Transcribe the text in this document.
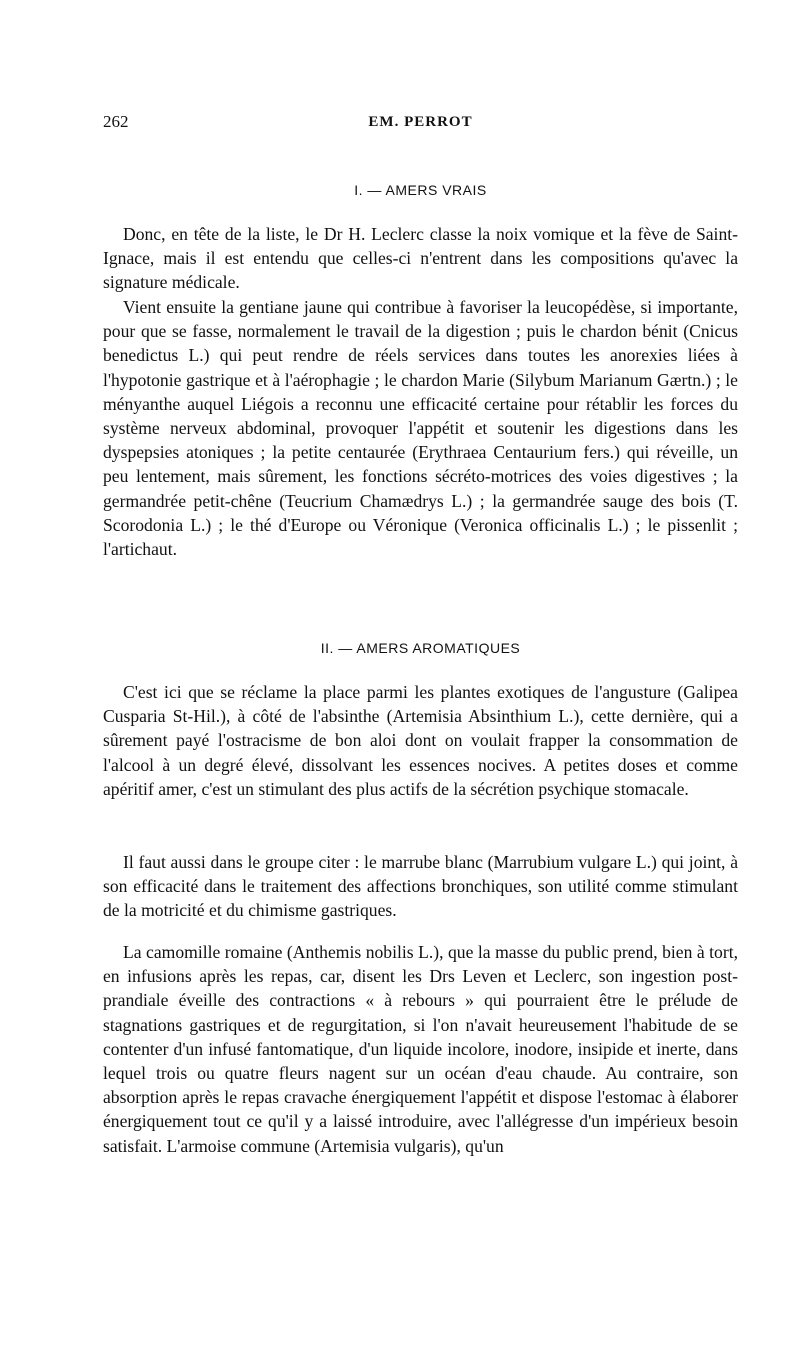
262	EM. PERROT
I. — AMERS VRAIS

Donc, en tête de la liste, le Dr H. Leclerc classe la noix vomique et la fève de Saint-Ignace, mais il est entendu que celles-ci n'entrent dans les compositions qu'avec la signature médicale.

Vient ensuite la gentiane jaune qui contribue à favoriser la leucopédèse, si importante, pour que se fasse, normalement le travail de la digestion ; puis le chardon bénit (Cnicus benedictus L.) qui peut rendre de réels services dans toutes les anorexies liées à l'hypotonie gastrique et à l'aérophagie ; le chardon Marie (Silybum Marianum Gærtn.) ; le ményanthe auquel Liégois a reconnu une efficacité certaine pour rétablir les forces du système nerveux abdominal, provoquer l'appétit et soutenir les digestions dans les dyspepsies atoniques ; la petite centaurée (Erythraea Centaurium fers.) qui réveille, un peu lentement, mais sûrement, les fonctions sécréto-motrices des voies digestives ; la germandrée petit-chêne (Teucrium Chamædrys L.) ; la germandrée sauge des bois (T. Scorodonia L.) ; le thé d'Europe ou Véronique (Veronica officinalis L.) ; le pissenlit ; l'artichaut.

II. — AMERS AROMATIQUES

C'est ici que se réclame la place parmi les plantes exotiques de l'angusture (Galipea Cusparia St-Hil.), à côté de l'absinthe (Artemisia Absinthium L.), cette dernière, qui a sûrement payé l'ostracisme de bon aloi dont on voulait frapper la consommation de l'alcool à un degré élevé, dissolvant les essences nocives. A petites doses et comme apéritif amer, c'est un stimulant des plus actifs de la sécrétion psychique stomacale.

Il faut aussi dans le groupe citer : le marrube blanc (Marrubium vulgare L.) qui joint, à son efficacité dans le traitement des affections bronchiques, son utilité comme stimulant de la motricité et du chimisme gastriques.

La camomille romaine (Anthemis nobilis L.), que la masse du public prend, bien à tort, en infusions après les repas, car, disent les Drs Leven et Leclerc, son ingestion post-prandiale éveille des contractions « à rebours » qui pourraient être le prélude de stagnations gastriques et de regurgitation, si l'on n'avait heureusement l'habitude de se contenter d'un infusé fantomatique, d'un liquide incolore, inodore, insipide et inerte, dans lequel trois ou quatre fleurs nagent sur un océan d'eau chaude. Au contraire, son absorption après le repas cravache énergiquement l'appétit et dispose l'estomac à élaborer énergiquement tout ce qu'il y a laissé introduire, avec l'allégresse d'un impérieux besoin satisfait. L'armoise commune (Artemisia vulgaris), qu'un
